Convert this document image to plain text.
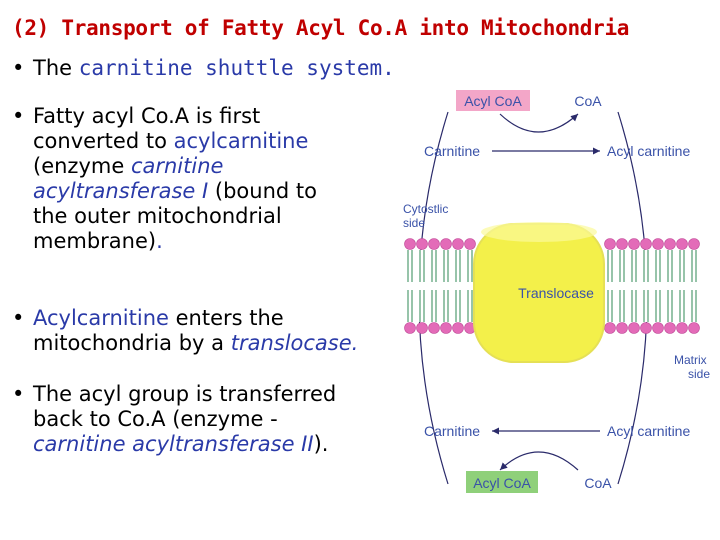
(2) Transport of Fatty Acyl Co.A into Mitochondria
• The carnitine shuttle system.
• Fatty acyl Co.A is first
converted to acylcarnitine
(enzyme carnitine
acyltransferase I (bound to
the outer mitochondrial
membrane).
• Acylcarnitine enters the
mitochondria by a translocase.
• The acyl group is transferred
back to Co.A (enzyme -
carnitine acyltransferase II).
Translocase
Cytostlic side
Matrix side
Acyl CoA	CoA
Carnitine	Acyl carnitine
Carnitine	Acyl carnitine
Acyl CoA	CoA
